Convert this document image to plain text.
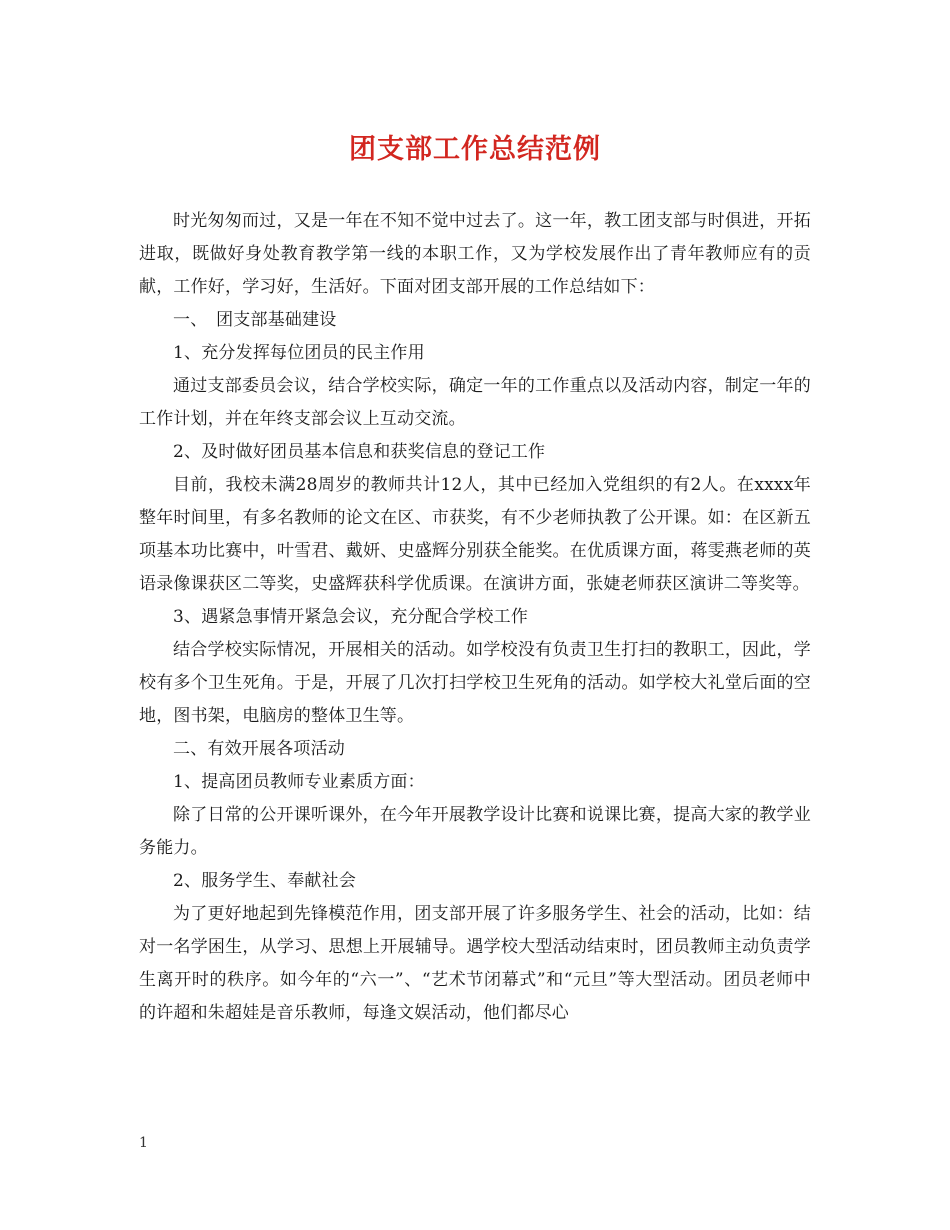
团支部工作总结范例

时光匆匆而过，又是一年在不知不觉中过去了。这一年，教工团支部与时俱进，开拓进取，既做好身处教育教学第一线的本职工作，又为学校发展作出了青年教师应有的贡献，工作好，学习好，生活好。下面对团支部开展的工作总结如下：

一、　团支部基础建设

1、充分发挥每位团员的民主作用

通过支部委员会议，结合学校实际，确定一年的工作重点以及活动内容，制定一年的工作计划，并在年终支部会议上互动交流。

2、及时做好团员基本信息和获奖信息的登记工作

目前，我校未满28周岁的教师共计12人，其中已经加入党组织的有2人。在xxxx年整年时间里，有多名教师的论文在区、市获奖，有不少老师执教了公开课。如：在区新五项基本功比赛中，叶雪君、戴妍、史盛辉分别获全能奖。在优质课方面，蒋雯燕老师的英语录像课获区二等奖，史盛辉获科学优质课。在演讲方面，张婕老师获区演讲二等奖等。

3、遇紧急事情开紧急会议，充分配合学校工作

结合学校实际情况，开展相关的活动。如学校没有负责卫生打扫的教职工，因此，学校有多个卫生死角。于是，开展了几次打扫学校卫生死角的活动。如学校大礼堂后面的空地，图书架，电脑房的整体卫生等。

二、有效开展各项活动

1、提高团员教师专业素质方面：

除了日常的公开课听课外，在今年开展教学设计比赛和说课比赛，提高大家的教学业务能力。

2、服务学生、奉献社会

为了更好地起到先锋模范作用，团支部开展了许多服务学生、社会的活动，比如：结对一名学困生，从学习、思想上开展辅导。遇学校大型活动结束时，团员教师主动负责学生离开时的秩序。如今年的“六一”、“艺术节闭幕式”和“元旦”等大型活动。团员老师中的许超和朱超娃是音乐教师，每逢文娱活动，他们都尽心

1
